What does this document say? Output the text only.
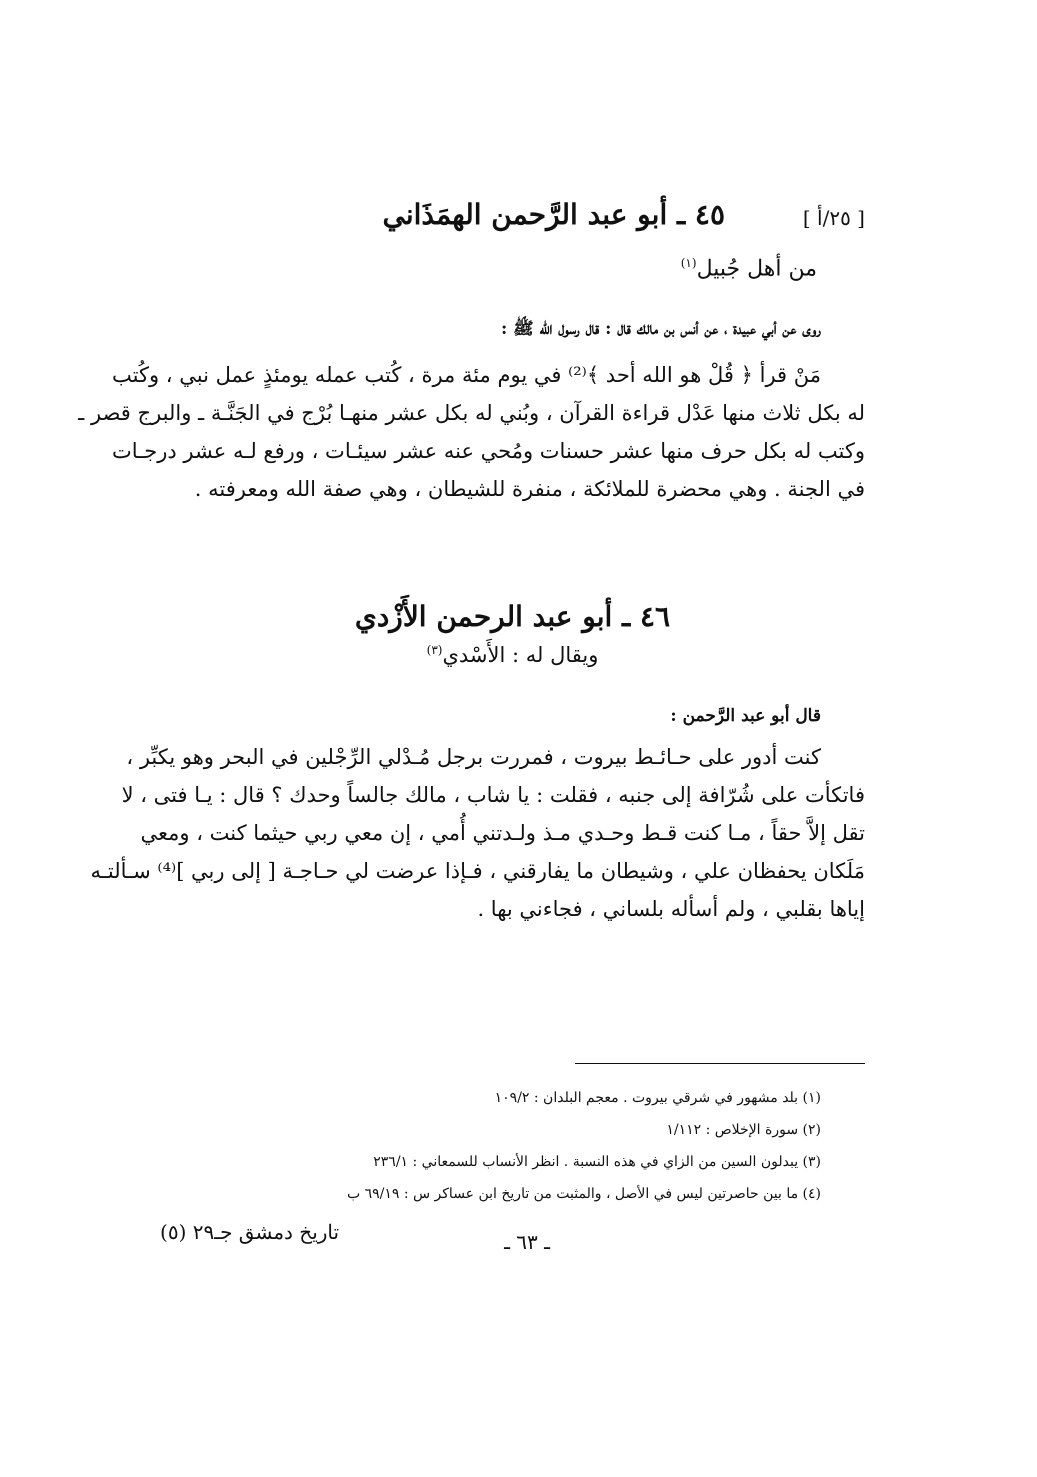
[ ٢٥/أ ]
٤٥ ـ أبو عبد الرَّحمن الهمَذَاني
من أهل جُبيل$^{(١)}$
روى عن أبي عبيدة ، عن أنس بن مالك قال : قال رسول الله ﷺ :
مَنْ قرأ ﴿ قُلْ هو الله أحد ﴾⁽²⁾ في يوم مئة مرة ، كُتب عمله يومئذٍ عمل نبي ، وكُتب
له بكل ثلاث منها عَدْل قراءة القرآن ، وبُني له بكل عشر منهـا بُرْج في الجَنَّـة ـ والبرج قصر ـ
وكتب له بكل حرف منها عشر حسنات ومُحي عنه عشر سيئـات ، ورفع لـه عشر درجـات
في الجنة . وهي محضرة للملائكة ، منفرة للشيطان ، وهي صفة الله ومعرفته .
٤٦ ـ أبو عبد الرحمن الأَزْدي
ويقال له : الأَسْدي$^{(٣)}$
قال أبو عبد الرَّحمن :
كنت أدور على حـائـط بيروت ، فمررت برجل مُـدْلي الرِّجْلين في البحر وهو يكبِّر ،
فاتكأت على شُرّافة إلى جنبه ، فقلت : يا شاب ، مالك جالساً وحدك ؟ قال : يـا فتى ، لا
تقل إلاَّ حقاً ، مـا كنت قـط وحـدي مـذ ولـدتني أُمي ، إن معي ربي حيثما كنت ، ومعي
مَلَكان يحفظان علي ، وشيطان ما يفارقني ، فـإذا عرضت لي حـاجـة [ إلى ربي ]⁽⁴⁾ سـألتـه
إياها بقلبي ، ولم أسأله بلساني ، فجاءني بها .
(١) بلد مشهور في شرقي بيروت . معجم البلدان : ١٠٩/٢
(٢) سورة الإخلاص : ١/١١٢
(٣) يبدلون السين من الزاي في هذه النسبة . انظر الأنساب للسمعاني : ٢٣٦/١
(٤) ما بين حاصرتين ليس في الأصل ، والمثبت من تاريخ ابن عساكر س : ٦٩/١٩ ب
ـ ٦٣ ـ
تاريخ دمشق جـ٢٩ (٥)
